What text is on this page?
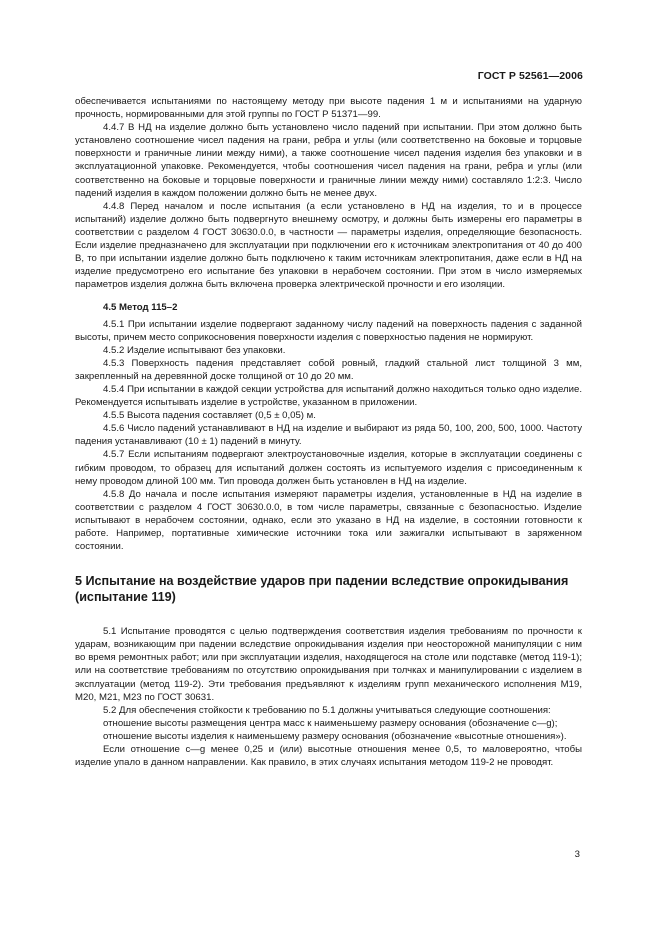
ГОСТ Р 52561—2006

обеспечивается испытаниями по настоящему методу при высоте падения 1 м и испытаниями на ударную прочность, нормированными для этой группы по ГОСТ Р 51371—99.

4.4.7 В НД на изделие должно быть установлено число падений при испытании. При этом должно быть установлено соотношение чисел падения на грани, ребра и углы (или соответственно на боковые и торцовые поверхности и граничные линии между ними), а также соотношение чисел падения изделия без упаковки и в эксплуатационной упаковке. Рекомендуется, чтобы соотношения чисел падения на грани, ребра и углы (или соответственно на боковые и торцовые поверхности и граничные линии между ними) составляло 1:2:3. Число падений изделия в каждом положении должно быть не менее двух.

4.4.8 Перед началом и после испытания (а если установлено в НД на изделия, то и в процессе испытаний) изделие должно быть подвергнуто внешнему осмотру, и должны быть измерены его параметры в соответствии с разделом 4 ГОСТ 30630.0.0, в частности — параметры изделия, определяющие безопасность. Если изделие предназначено для эксплуатации при подключении его к источникам электропитания от 40 до 400 В, то при испытании изделие должно быть подключено к таким источникам электропитания, даже если в НД на изделие предусмотрено его испытание без упаковки в нерабочем состоянии. При этом в число измеряемых параметров изделия должна быть включена проверка электрической прочности и его изоляции.

4.5 Метод 115–2

4.5.1 При испытании изделие подвергают заданному числу падений на поверхность падения с заданной высоты, причем место соприкосновения поверхности изделия с поверхностью падения не нормируют.

4.5.2 Изделие испытывают без упаковки.

4.5.3 Поверхность падения представляет собой ровный, гладкий стальной лист толщиной 3 мм, закрепленный на деревянной доске толщиной от 10 до 20 мм.

4.5.4 При испытании в каждой секции устройства для испытаний должно находиться только одно изделие. Рекомендуется испытывать изделие в устройстве, указанном в приложении.

4.5.5 Высота падения составляет (0,5 ± 0,05) м.

4.5.6 Число падений устанавливают в НД на изделие и выбирают из ряда 50, 100, 200, 500, 1000. Частоту падения устанавливают (10 ± 1) падений в минуту.

4.5.7 Если испытаниям подвергают электроустановочные изделия, которые в эксплуатации соединены с гибким проводом, то образец для испытаний должен состоять из испытуемого изделия с присоединенным к нему проводом длиной 100 мм. Тип провода должен быть установлен в НД на изделие.

4.5.8 До начала и после испытания измеряют параметры изделия, установленные в НД на изделие в соответствии с разделом 4 ГОСТ 30630.0.0, в том числе параметры, связанные с безопасностью. Изделие испытывают в нерабочем состоянии, однако, если это указано в НД на изделие, в состоянии готовности к работе. Например, портативные химические источники тока или зажигалки испытывают в заряженном состоянии.

5 Испытание на воздействие ударов при падении вследствие опрокидывания (испытание 119)

5.1 Испытание проводятся с целью подтверждения соответствия изделия требованиям по прочности к ударам, возникающим при падении вследствие опрокидывания изделия при неосторожной манипуляции с ним во время ремонтных работ; или при эксплуатации изделия, находящегося на столе или подставке (метод 119-1); или на соответствие требованиям по отсутствию опрокидывания при толчках и манипулировании с изделием в эксплуатации (метод 119-2). Эти требования предъявляют к изделиям групп механического исполнения М19, М20, М21, М23 по ГОСТ 30631.

5.2 Для обеспечения стойкости к требованию по 5.1 должны учитываться следующие соотношения:

отношение высоты размещения центра масс к наименьшему размеру основания (обозначение c—g);

отношение высоты изделия к наименьшему размеру основания (обозначение «высотные отношения»).

Если отношение c—g менее 0,25 и (или) высотные отношения менее 0,5, то маловероятно, чтобы изделие упало в данном направлении. Как правило, в этих случаях испытания методом 119-2 не проводят.

3
